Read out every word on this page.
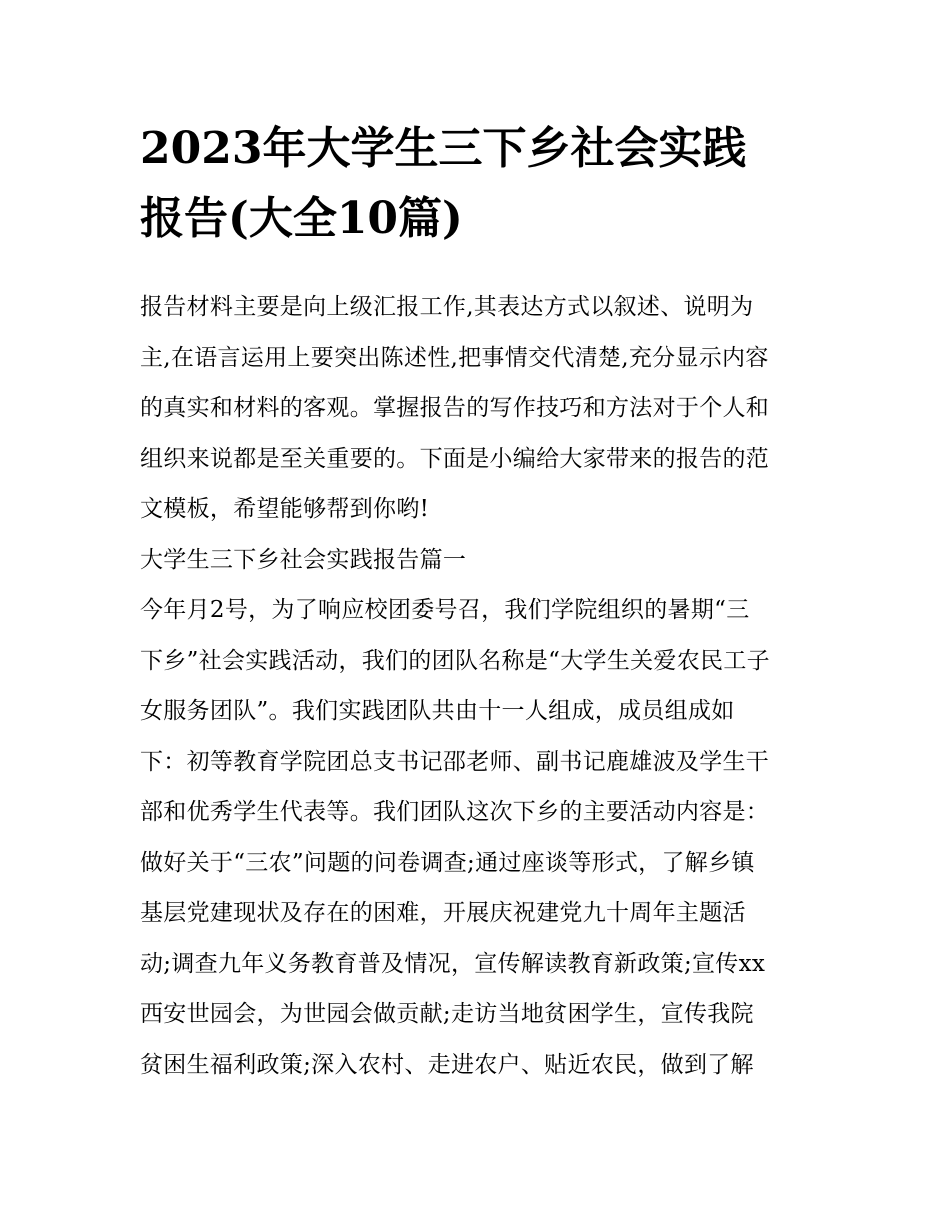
2023年大学生三下乡社会实践
报告(大全10篇)
报告材料主要是向上级汇报工作,其表达方式以叙述、说明为
主,在语言运用上要突出陈述性,把事情交代清楚,充分显示内容
的真实和材料的客观。掌握报告的写作技巧和方法对于个人和
组织来说都是至关重要的。下面是小编给大家带来的报告的范
文模板，希望能够帮到你哟!
大学生三下乡社会实践报告篇一
今年月2号，为了响应校团委号召，我们学院组织的暑期“三
下乡”社会实践活动，我们的团队名称是“大学生关爱农民工子
女服务团队”。我们实践团队共由十一人组成，成员组成如
下：初等教育学院团总支书记邵老师、副书记鹿雄波及学生干
部和优秀学生代表等。我们团队这次下乡的主要活动内容是：
做好关于“三农”问题的问卷调查;通过座谈等形式，了解乡镇
基层党建现状及存在的困难，开展庆祝建党九十周年主题活
动;调查九年义务教育普及情况，宣传解读教育新政策;宣传xx
西安世园会，为世园会做贡献;走访当地贫困学生，宣传我院
贫困生福利政策;深入农村、走进农户、贴近农民，做到了解
